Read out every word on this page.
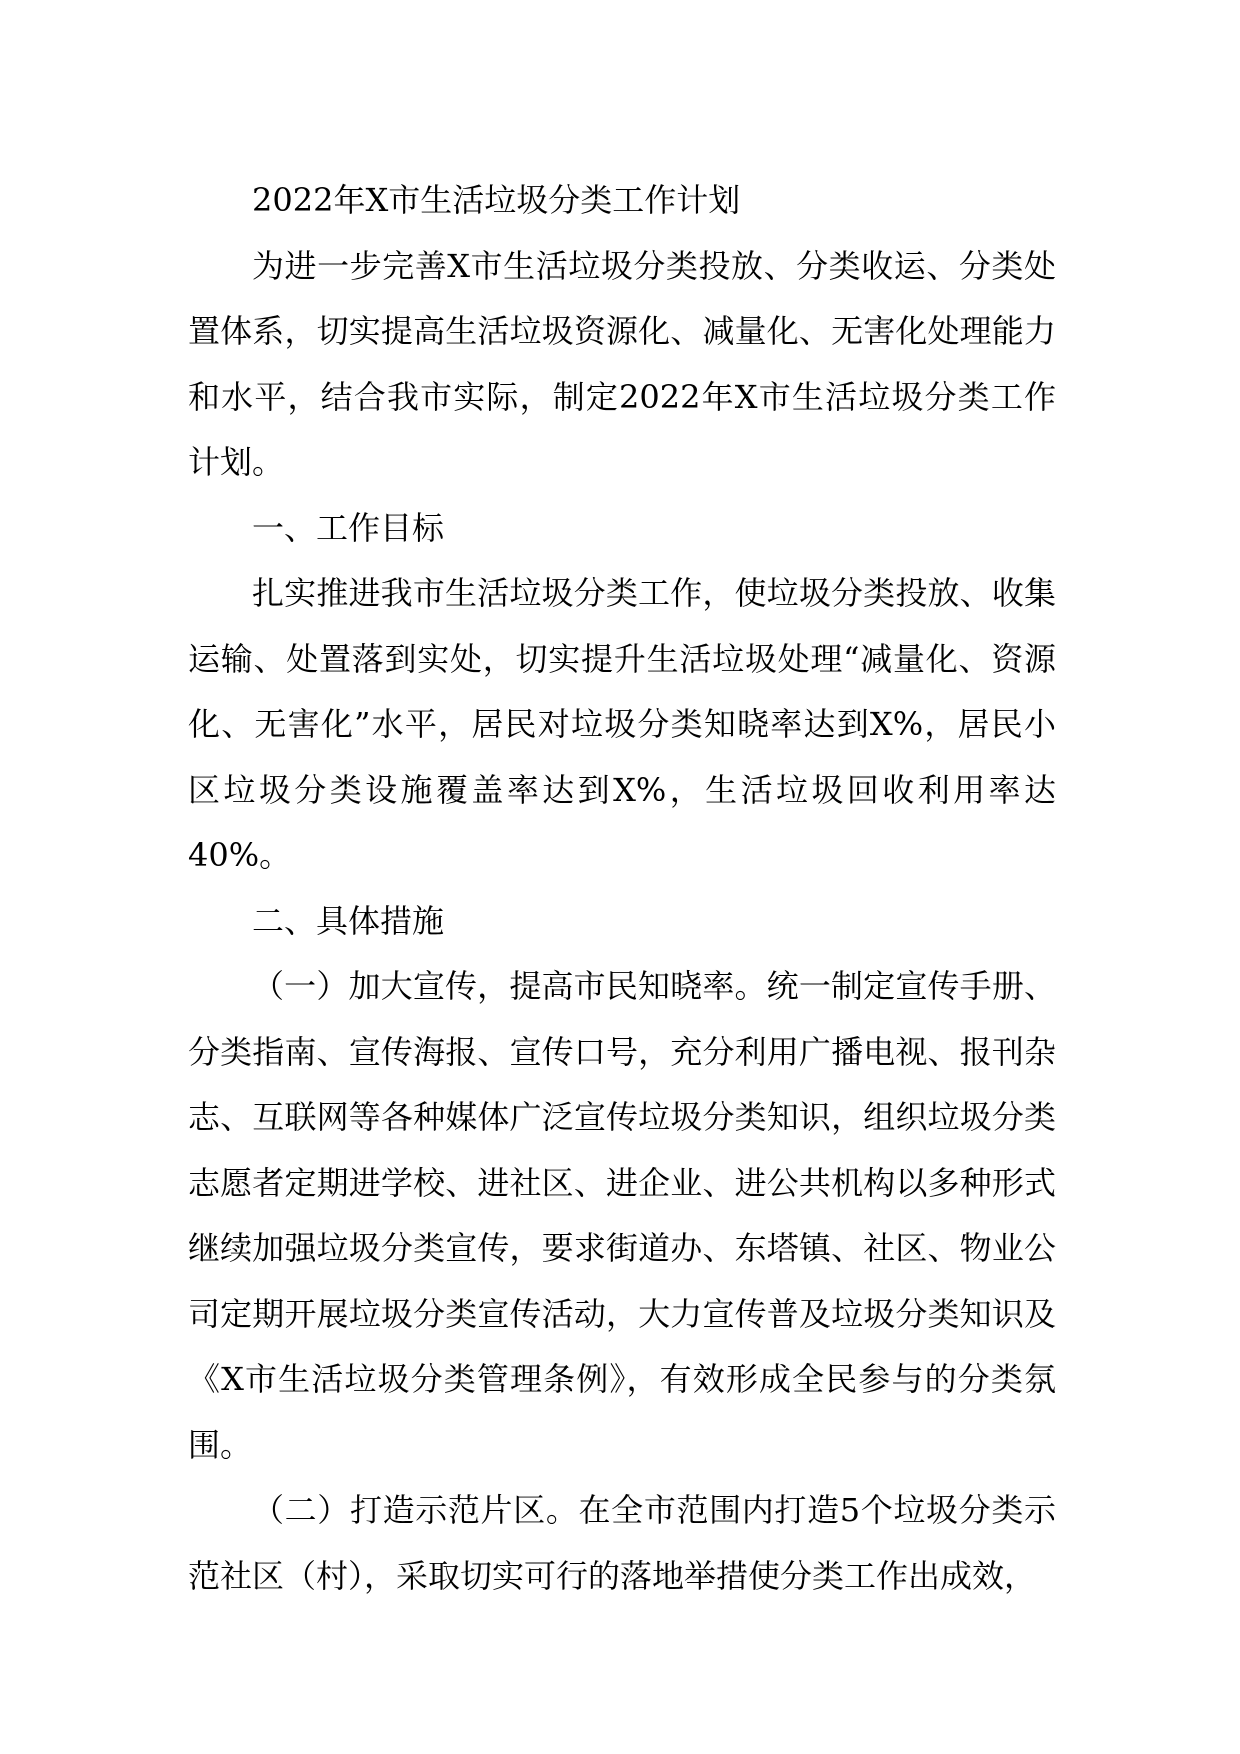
2022年X市生活垃圾分类工作计划

为进一步完善X市生活垃圾分类投放、分类收运、分类处置体系，切实提高生活垃圾资源化、减量化、无害化处理能力和水平，结合我市实际，制定2022年X市生活垃圾分类工作计划。

一、工作目标

扎实推进我市生活垃圾分类工作，使垃圾分类投放、收集运输、处置落到实处，切实提升生活垃圾处理“减量化、资源化、无害化”水平，居民对垃圾分类知晓率达到X%，居民小区垃圾分类设施覆盖率达到X%，生活垃圾回收利用率达40%。

二、具体措施

（一）加大宣传，提高市民知晓率。统一制定宣传手册、分类指南、宣传海报、宣传口号，充分利用广播电视、报刊杂志、互联网等各种媒体广泛宣传垃圾分类知识，组织垃圾分类志愿者定期进学校、进社区、进企业、进公共机构以多种形式继续加强垃圾分类宣传，要求街道办、东塔镇、社区、物业公司定期开展垃圾分类宣传活动，大力宣传普及垃圾分类知识及《X市生活垃圾分类管理条例》，有效形成全民参与的分类氛围。

（二）打造示范片区。在全市范围内打造5个垃圾分类示范社区（村），采取切实可行的落地举措使分类工作出成效，
